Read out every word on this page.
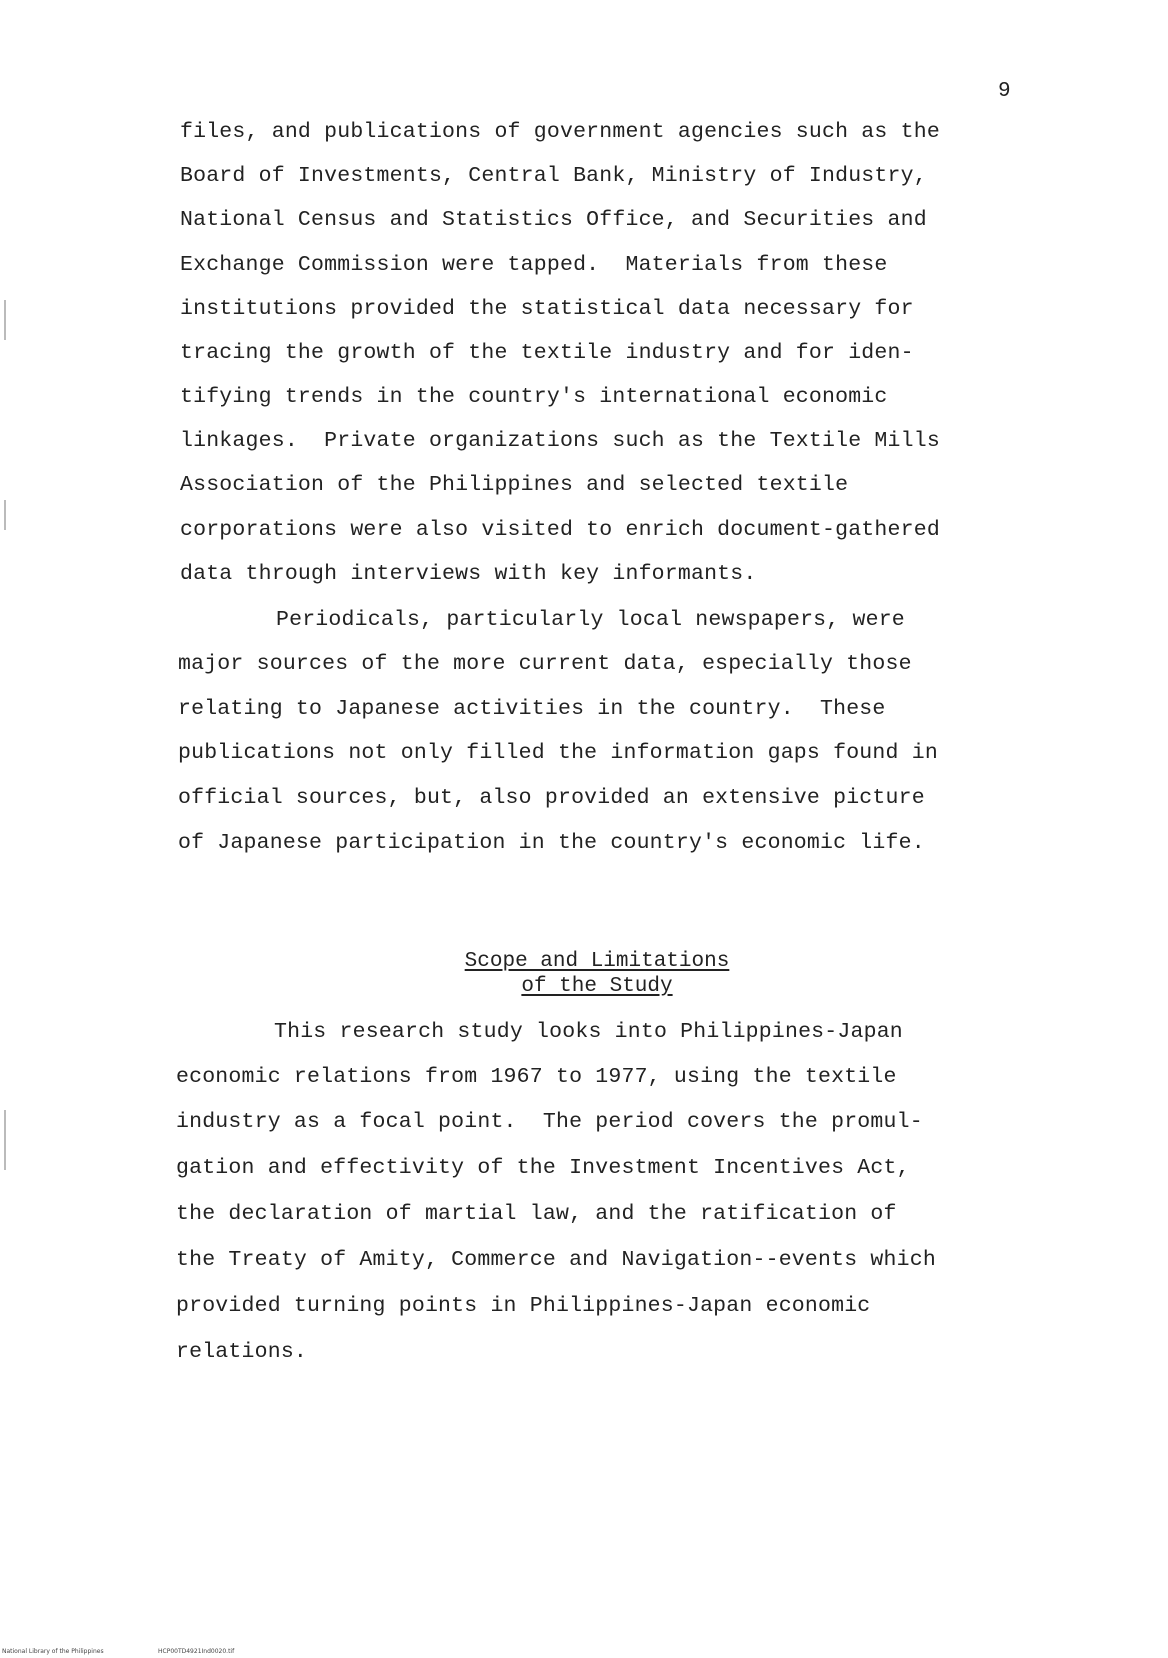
9
files, and publications of government agencies such as the
Board of Investments, Central Bank, Ministry of Industry,
National Census and Statistics Office, and Securities and
Exchange Commission were tapped.  Materials from these
institutions provided the statistical data necessary for
tracing the growth of the textile industry and for iden-
tifying trends in the country's international economic
linkages.  Private organizations such as the Textile Mills
Association of the Philippines and selected textile
corporations were also visited to enrich document-gathered
data through interviews with key informants.
Periodicals, particularly local newspapers, were
major sources of the more current data, especially those
relating to Japanese activities in the country.  These
publications not only filled the information gaps found in
official sources, but, also provided an extensive picture
of Japanese participation in the country's economic life.
Scope and Limitations
of the Study
This research study looks into Philippines-Japan
economic relations from 1967 to 1977, using the textile
industry as a focal point.  The period covers the promul-
gation and effectivity of the Investment Incentives Act,
the declaration of martial law, and the ratification of
the Treaty of Amity, Commerce and Navigation--events which
provided turning points in Philippines-Japan economic
relations.
National Library of the Philippines	HCP00TD4921Ind0020.tif
